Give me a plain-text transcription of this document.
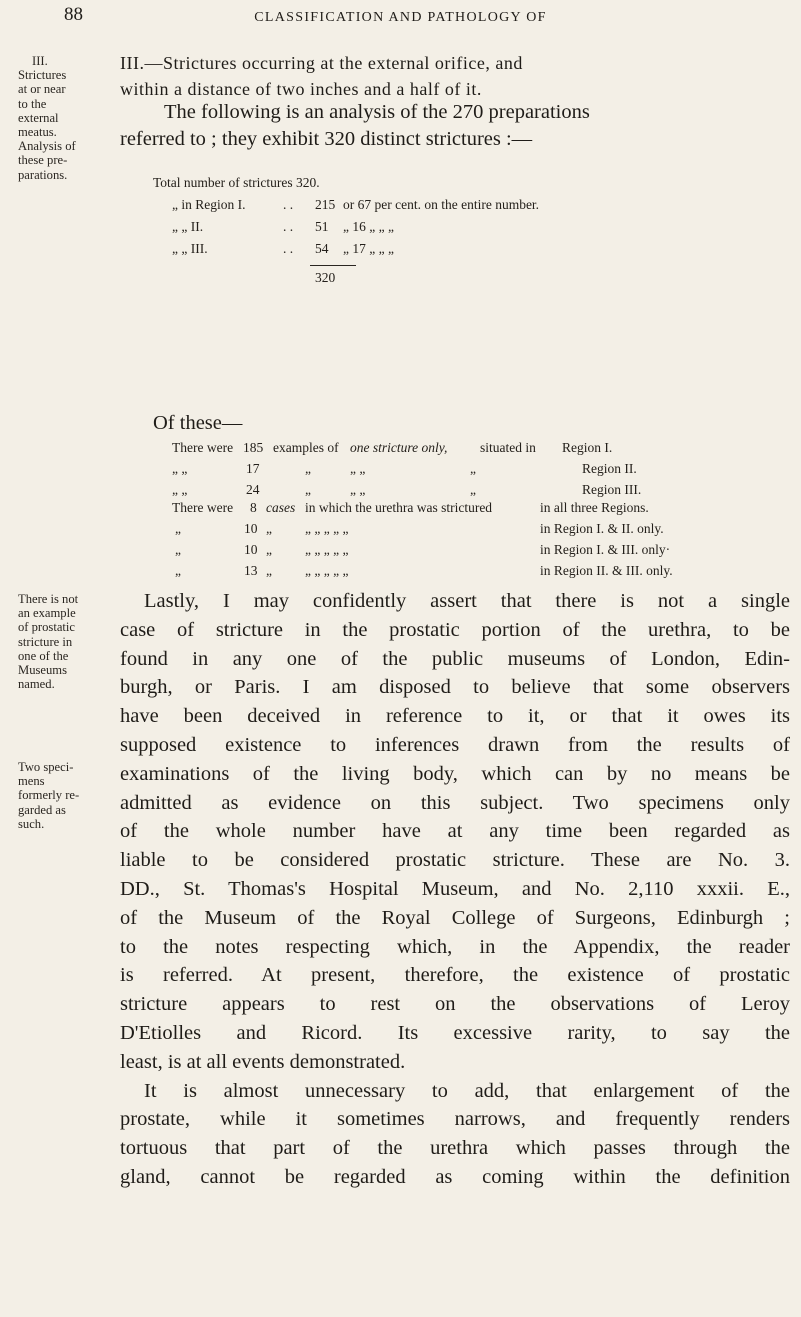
88	CLASSIFICATION AND PATHOLOGY OF
III.
Strictures
at or near
to the
external
meatus.
Analysis of
these pre-
parations.
There is not
an example
of prostatic
stricture in
one of the
Museums
named.
Two speci-
mens
formerly re-
garded as
such.
III.—Strictures occurring at the external orifice, and
within a distance of two inches and a half of it.
The following is an analysis of the 270 preparations
referred to ; they exhibit 320 distinct strictures :—
Total number of strictures 320.
„ in Region I.	. . 215 or 67 per cent. on the entire number.
„ „ II.	. . 51 „ 16 „ „ „
„ „ III.	. . 54 „ 17 „ „ „
320
Of these—
There were 185 examples of one stricture only, situated in Region I.
„ „	17	„	„ „	„	Region II.
„ „	24	„	„ „	„	Region III.
There were 8 cases in which the urethra was strictured	in all three Regions.
„	10 „ „ „ „ „ „	in Region I. & II. only.
„	10 „ „ „ „ „ „	in Region I. & III. only·
„	13 „ „ „ „ „ „	in Region II. & III. only.
Lastly, I may confidently assert that there is not a single
case of stricture in the prostatic portion of the urethra, to be
found in any one of the public museums of London, Edin-
burgh, or Paris. I am disposed to believe that some observers
have been deceived in reference to it, or that it owes its
supposed existence to inferences drawn from the results of
examinations of the living body, which can by no means be
admitted as evidence on this subject. Two specimens only
of the whole number have at any time been regarded as
liable to be considered prostatic stricture. These are No. 3.
DD., St. Thomas's Hospital Museum, and No. 2,110 xxxii. E.,
of the Museum of the Royal College of Surgeons, Edinburgh ;
to the notes respecting which, in the Appendix, the reader
is referred. At present, therefore, the existence of prostatic
stricture appears to rest on the observations of Leroy
D'Etiolles and Ricord. Its excessive rarity, to say the
least, is at all events demonstrated.
It is almost unnecessary to add, that enlargement of the
prostate, while it sometimes narrows, and frequently renders
tortuous that part of the urethra which passes through the
gland, cannot be regarded as coming within the definition
